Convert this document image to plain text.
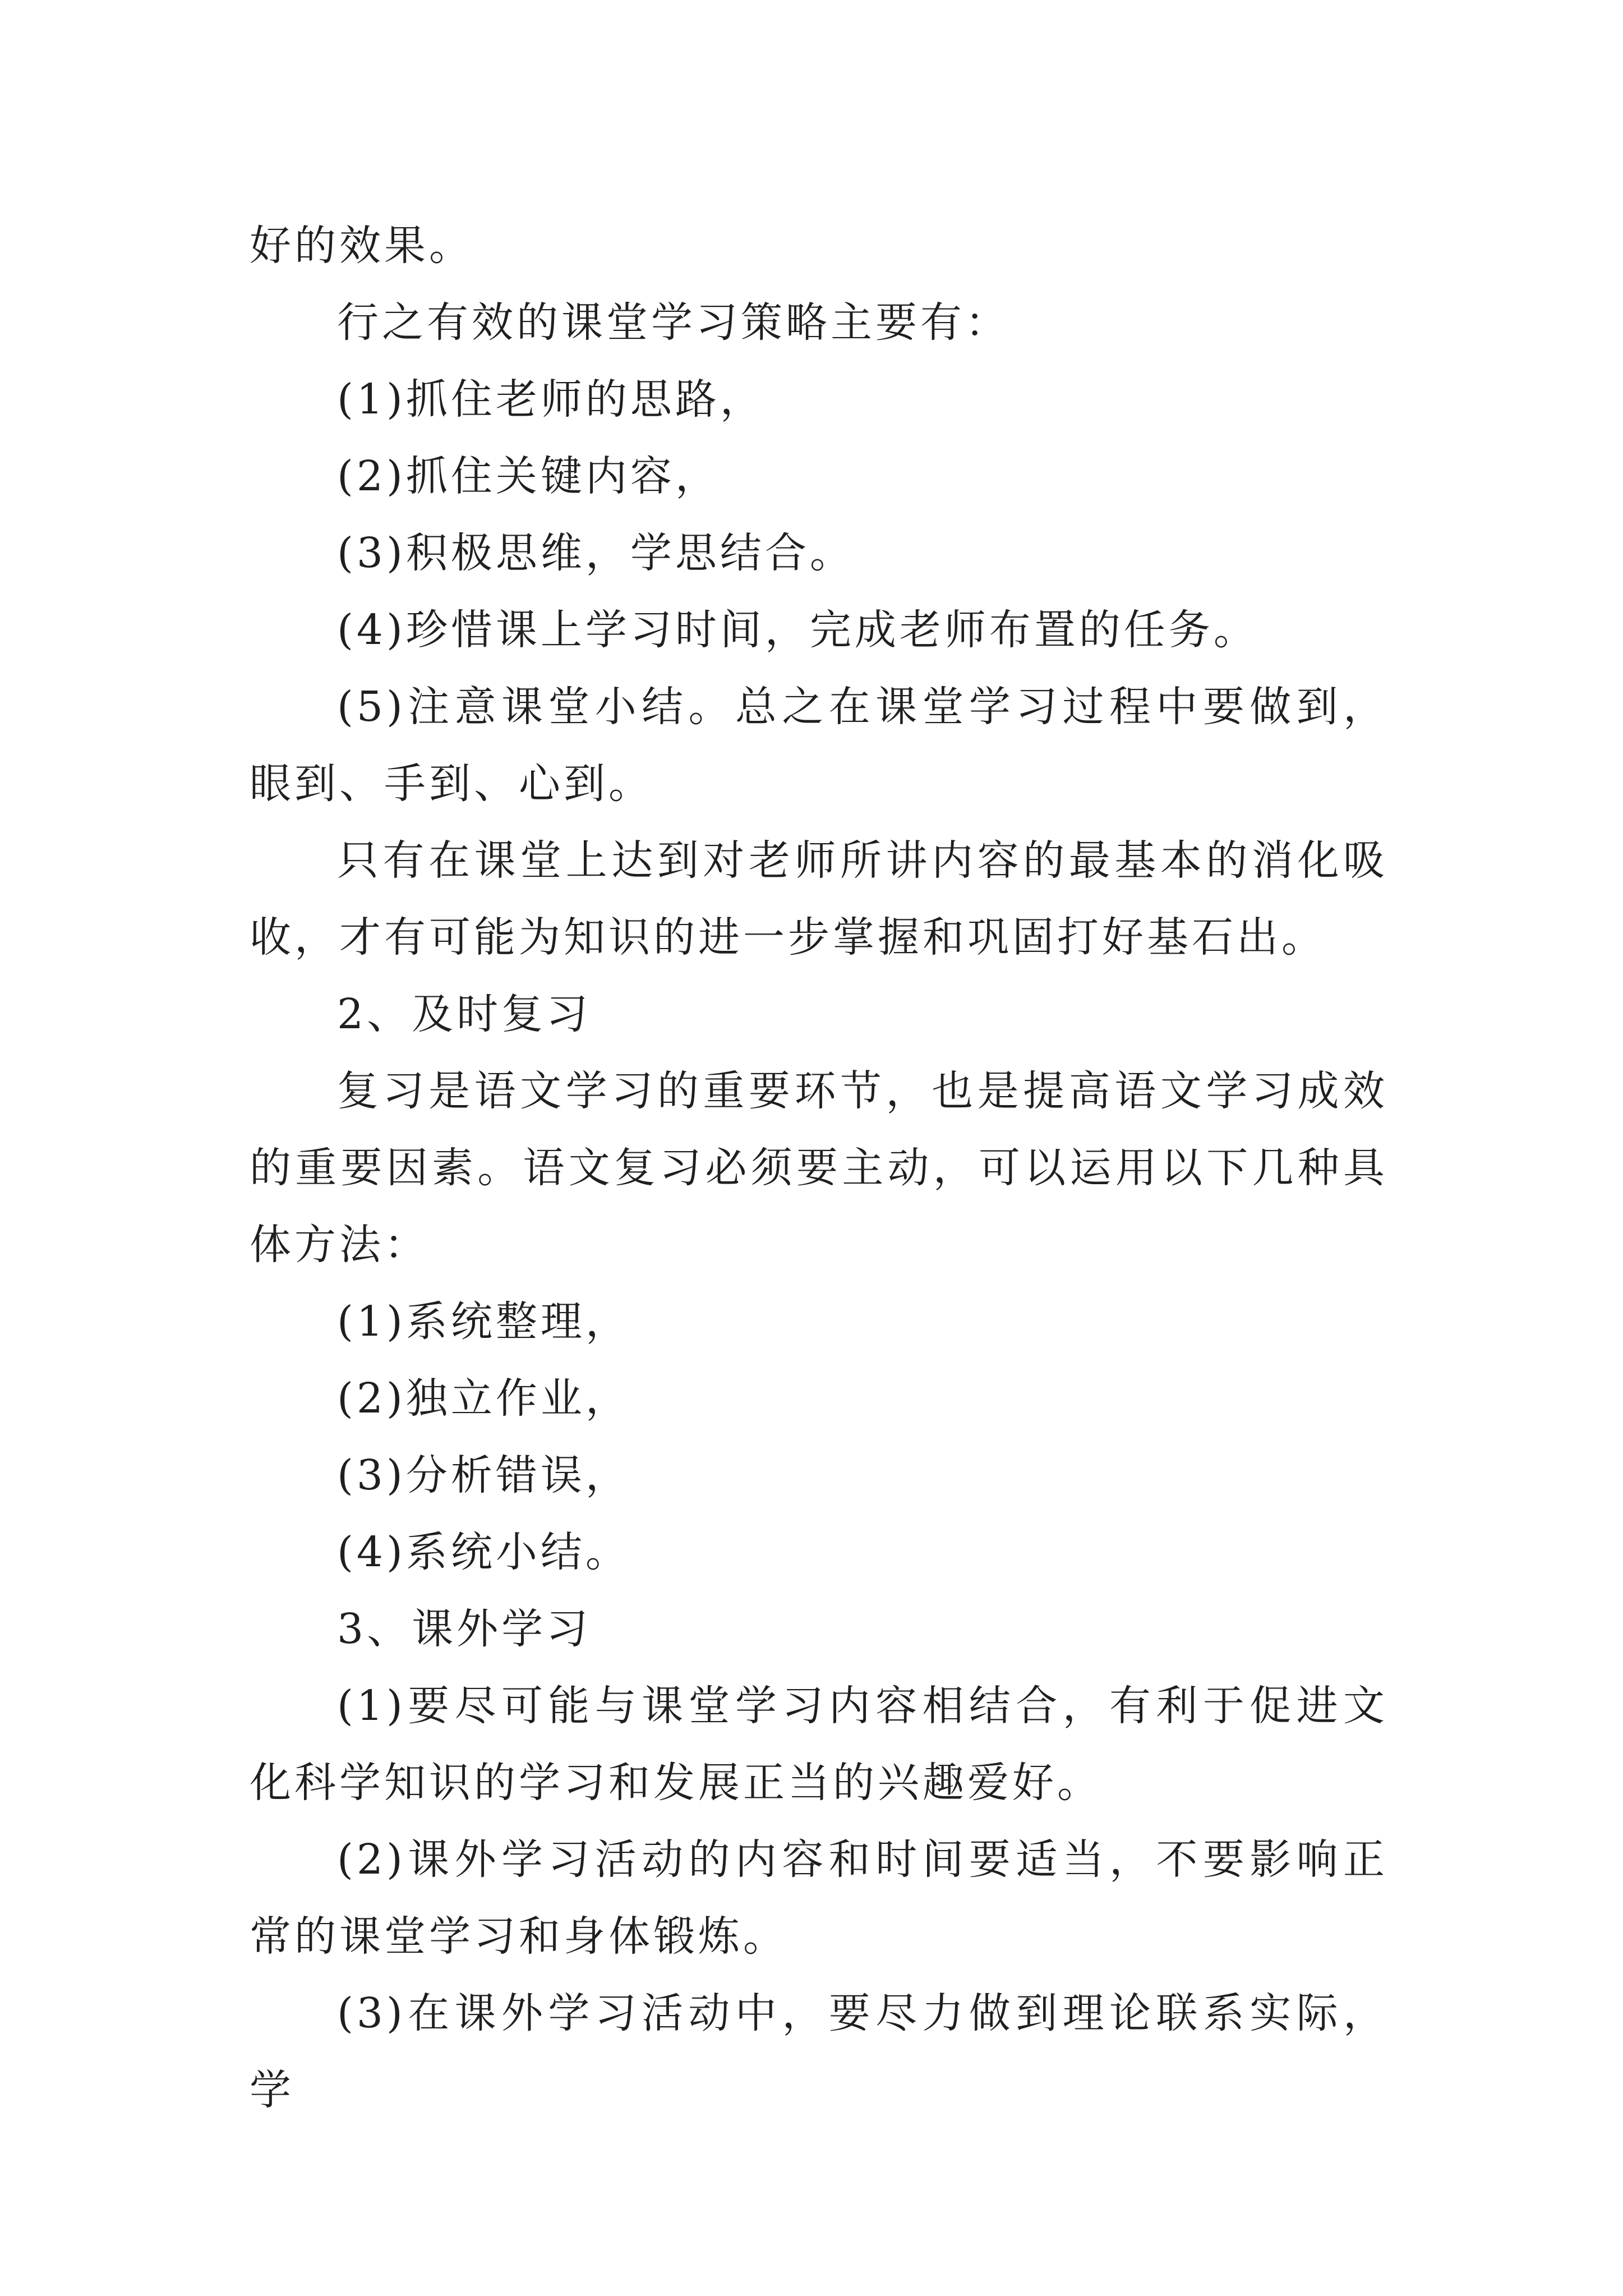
好的效果。

行之有效的课堂学习策略主要有：

(1)抓住老师的思路，

(2)抓住关键内容，

(3)积极思维，学思结合。

(4)珍惜课上学习时间，完成老师布置的任务。

(5)注意课堂小结。总之在课堂学习过程中要做到，眼到、手到、心到。

只有在课堂上达到对老师所讲内容的最基本的消化吸收，才有可能为知识的进一步掌握和巩固打好基石出。

2、及时复习

复习是语文学习的重要环节，也是提高语文学习成效的重要因素。语文复习必须要主动，可以运用以下几种具体方法：

(1)系统整理，

(2)独立作业，

(3)分析错误，

(4)系统小结。

3、课外学习

(1)要尽可能与课堂学习内容相结合，有利于促进文化科学知识的学习和发展正当的兴趣爱好。

(2)课外学习活动的内容和时间要适当，不要影响正常的课堂学习和身体锻炼。

(3)在课外学习活动中，要尽力做到理论联系实际，学
